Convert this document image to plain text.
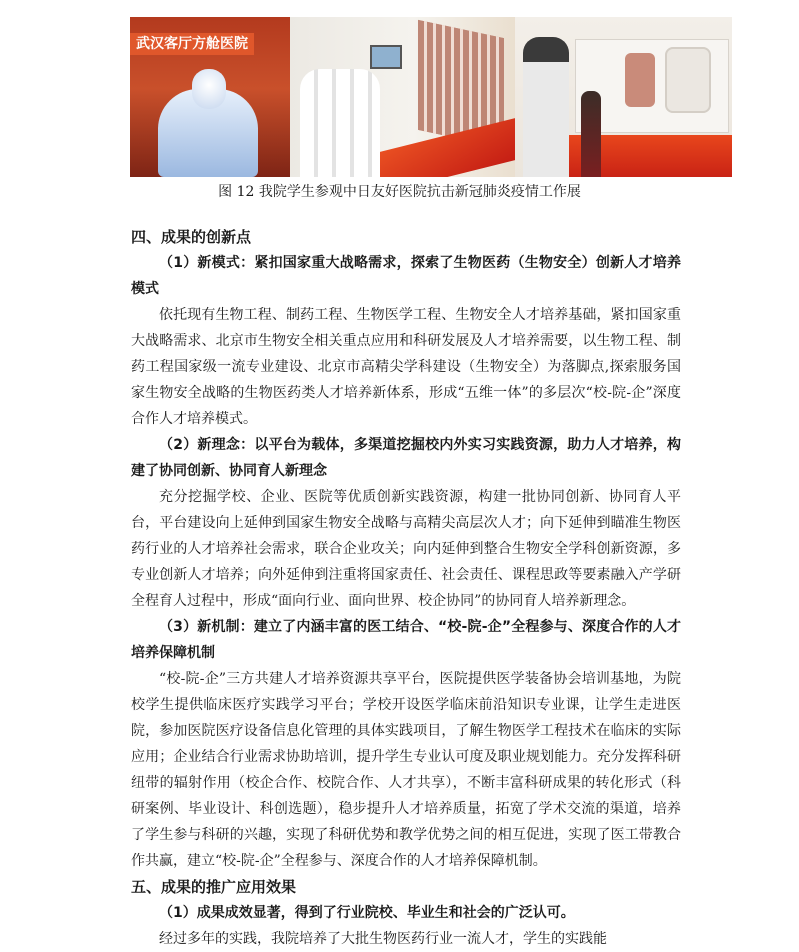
武汉客厅方舱医院
图 12 我院学生参观中日友好医院抗击新冠肺炎疫情工作展

四、成果的创新点

（1）新模式：紧扣国家重大战略需求，探索了生物医药（生物安全）创新人才培养模式

依托现有生物工程、制药工程、生物医学工程、生物安全人才培养基础，紧扣国家重大战略需求、北京市生物安全相关重点应用和科研发展及人才培养需要，以生物工程、制药工程国家级一流专业建设、北京市高精尖学科建设（生物安全）为落脚点,探索服务国家生物安全战略的生物医药类人才培养新体系，形成“五维一体”的多层次“校-院-企”深度合作人才培养模式。

（2）新理念：以平台为载体，多渠道挖掘校内外实习实践资源，助力人才培养，构建了协同创新、协同育人新理念

充分挖掘学校、企业、医院等优质创新实践资源，构建一批协同创新、协同育人平台，平台建设向上延伸到国家生物安全战略与高精尖高层次人才；向下延伸到瞄准生物医药行业的人才培养社会需求，联合企业攻关；向内延伸到整合生物安全学科创新资源，多专业创新人才培养；向外延伸到注重将国家责任、社会责任、课程思政等要素融入产学研全程育人过程中，形成“面向行业、面向世界、校企协同”的协同育人培养新理念。

（3）新机制：建立了内涵丰富的医工结合、“校-院-企”全程参与、深度合作的人才培养保障机制

“校-院-企”三方共建人才培养资源共享平台，医院提供医学装备协会培训基地，为院校学生提供临床医疗实践学习平台；学校开设医学临床前沿知识专业课，让学生走进医院，参加医院医疗设备信息化管理的具体实践项目，了解生物医学工程技术在临床的实际应用；企业结合行业需求协助培训，提升学生专业认可度及职业规划能力。充分发挥科研纽带的辐射作用（校企合作、校院合作、人才共享），不断丰富科研成果的转化形式（科研案例、毕业设计、科创选题），稳步提升人才培养质量，拓宽了学术交流的渠道，培养了学生参与科研的兴趣，实现了科研优势和教学优势之间的相互促进，实现了医工带教合作共赢，建立“校-院-企”全程参与、深度合作的人才培养保障机制。

五、成果的推广应用效果

（1）成果成效显著，得到了行业院校、毕业生和社会的广泛认可。

经过多年的实践，我院培养了大批生物医药行业一流人才，学生的实践能
